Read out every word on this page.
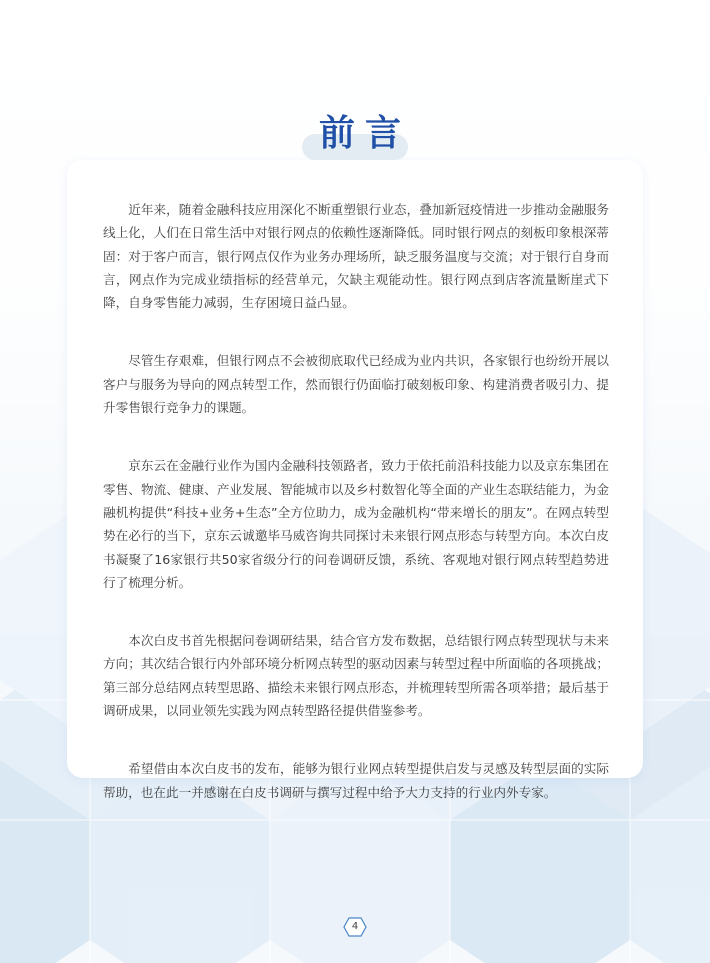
前言

近年来，随着金融科技应用深化不断重塑银行业态，叠加新冠疫情进一步推动金融服务线上化，人们在日常生活中对银行网点的依赖性逐渐降低。同时银行网点的刻板印象根深蒂固：对于客户而言，银行网点仅作为业务办理场所，缺乏服务温度与交流；对于银行自身而言，网点作为完成业绩指标的经营单元，欠缺主观能动性。银行网点到店客流量断崖式下降，自身零售能力减弱，生存困境日益凸显。

尽管生存艰难，但银行网点不会被彻底取代已经成为业内共识，各家银行也纷纷开展以客户与服务为导向的网点转型工作，然而银行仍面临打破刻板印象、构建消费者吸引力、提升零售银行竞争力的课题。

京东云在金融行业作为国内金融科技领路者，致力于依托前沿科技能力以及京东集团在零售、物流、健康、产业发展、智能城市以及乡村数智化等全面的产业生态联结能力，为金融机构提供“科技+业务+生态”全方位助力，成为金融机构“带来增长的朋友”。在网点转型势在必行的当下，京东云诚邀毕马威咨询共同探讨未来银行网点形态与转型方向。本次白皮书凝聚了16家银行共50家省级分行的问卷调研反馈，系统、客观地对银行网点转型趋势进行了梳理分析。

本次白皮书首先根据问卷调研结果，结合官方发布数据，总结银行网点转型现状与未来方向；其次结合银行内外部环境分析网点转型的驱动因素与转型过程中所面临的各项挑战；第三部分总结网点转型思路、描绘未来银行网点形态，并梳理转型所需各项举措；最后基于调研成果，以同业领先实践为网点转型路径提供借鉴参考。

希望借由本次白皮书的发布，能够为银行业网点转型提供启发与灵感及转型层面的实际帮助，也在此一并感谢在白皮书调研与撰写过程中给予大力支持的行业内外专家。

4
